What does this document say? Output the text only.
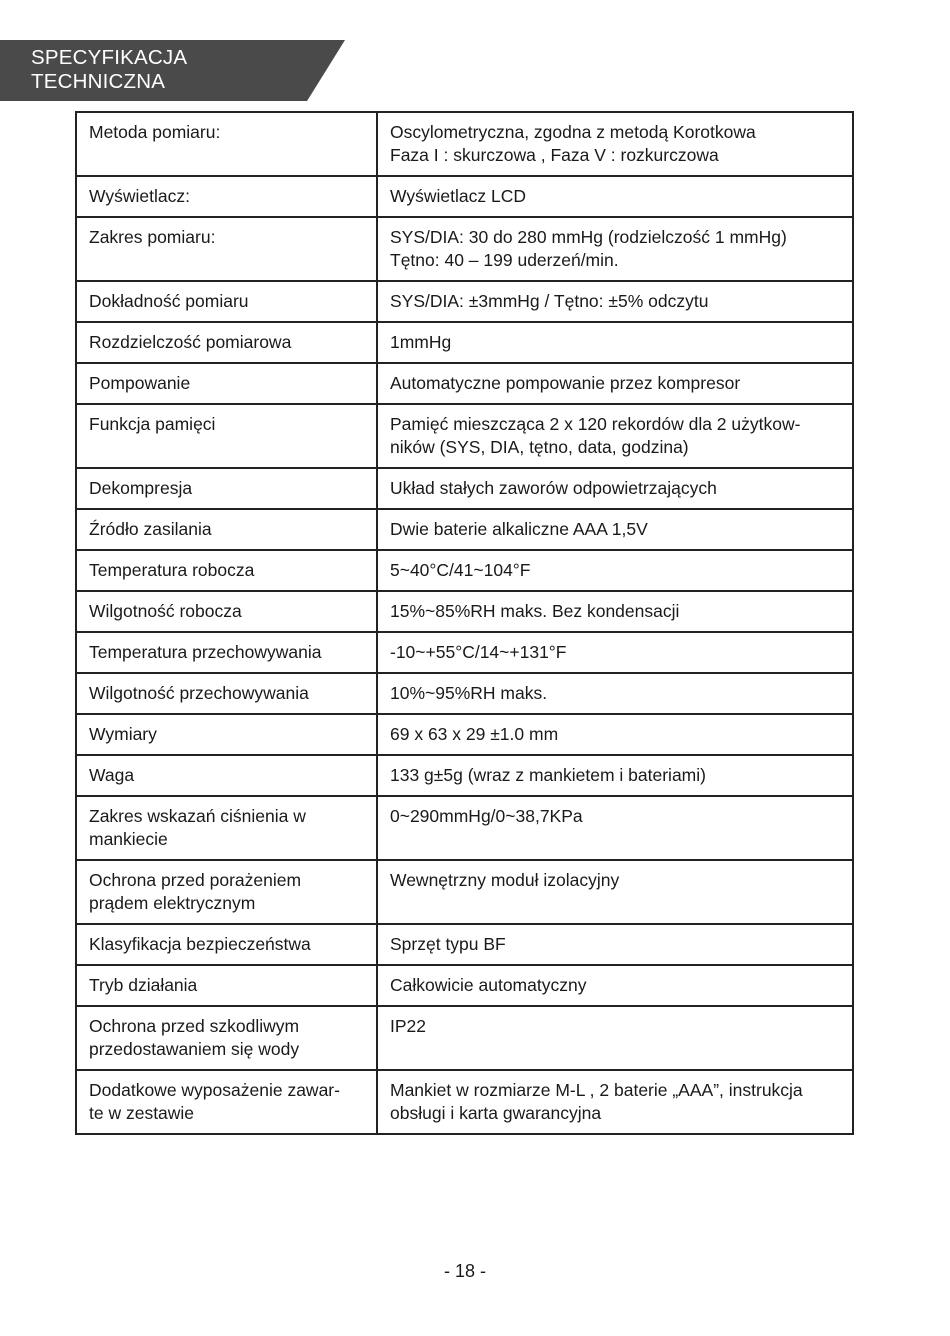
SPECYFIKACJA
TECHNICZNA
Metoda pomiaru:	Oscylometryczna, zgodna z metodą Korotkowa
Faza I : skurczowa , Faza V : rozkurczowa
Wyświetlacz:	Wyświetlacz LCD
Zakres pomiaru:	SYS/DIA: 30 do 280 mmHg (rodzielczość 1 mmHg)
Tętno: 40 – 199 uderzeń/min.
Dokładność pomiaru	SYS/DIA: ±3mmHg / Tętno: ±5% odczytu
Rozdzielczość pomiarowa	1mmHg
Pompowanie	Automatyczne pompowanie przez kompresor
Funkcja pamięci	Pamięć mieszcząca 2 x 120 rekordów dla 2 użytkow-
ników (SYS, DIA, tętno, data, godzina)
Dekompresja	Układ stałych zaworów odpowietrzających
Źródło zasilania	Dwie baterie alkaliczne AAA 1,5V
Temperatura robocza	5~40°C/41~104°F
Wilgotność robocza	15%~85%RH maks. Bez kondensacji
Temperatura przechowywania	-10~+55°C/14~+131°F
Wilgotność przechowywania	10%~95%RH maks.
Wymiary	69 x 63 x 29 ±1.0 mm
Waga	133 g±5g (wraz z mankietem i bateriami)
Zakres wskazań ciśnienia w
mankiecie	0~290mmHg/0~38,7KPa
Ochrona przed porażeniem
prądem elektrycznym	Wewnętrzny moduł izolacyjny
Klasyfikacja bezpieczeństwa	Sprzęt typu BF
Tryb działania	Całkowicie automatyczny
Ochrona przed szkodliwym
przedostawaniem się wody	IP22
Dodatkowe wyposażenie zawar-
te w zestawie	Mankiet w rozmiarze M-L , 2 baterie „AAA”, instrukcja
obsługi i karta gwarancyjna
- 18 -
